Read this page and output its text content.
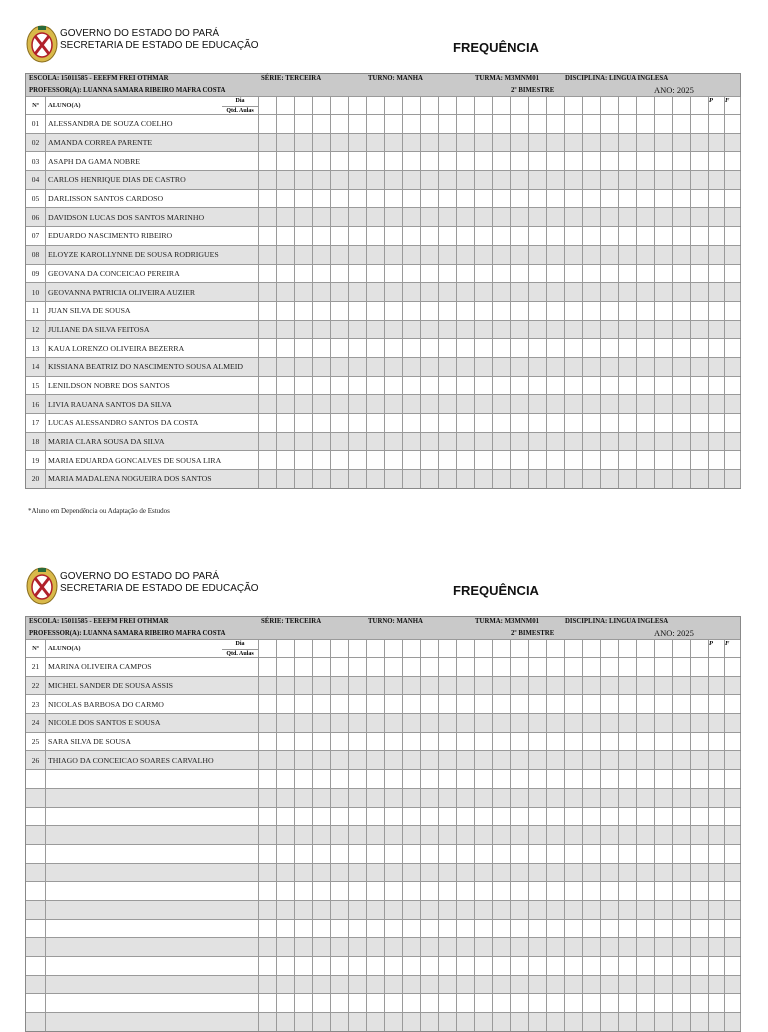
GOVERNO DO ESTADO DO PARÁ
SECRETARIA DE ESTADO DE EDUCAÇÃO	FREQUÊNCIA
ESCOLA: 15011585 - EEEFM FREI OTHMAR	SÉRIE: TERCEIRA	TURNO: MANHA	TURMA: M3MNM01	DISCIPLINA: LINGUA INGLESA
PROFESSOR(A): LUANNA SAMARA RIBEIRO MAFRA COSTA	2º BIMESTRE	ANO: 2025
Nº	ALUNO(A)
Dia
Qtd. Aulas
P	F
01	ALESSANDRA DE SOUZA COELHO
02	AMANDA CORREA PARENTE
03	ASAPH DA GAMA NOBRE
04	CARLOS HENRIQUE DIAS DE CASTRO
05	DARLISSON SANTOS CARDOSO
06	DAVIDSON LUCAS DOS SANTOS MARINHO
07	EDUARDO NASCIMENTO RIBEIRO
08	ELOYZE KAROLLYNNE DE SOUSA RODRIGUES
09	GEOVANA DA CONCEICAO PEREIRA
10	GEOVANNA PATRICIA OLIVEIRA AUZIER
11	JUAN SILVA DE SOUSA
12	JULIANE DA SILVA FEITOSA
13	KAUA LORENZO OLIVEIRA BEZERRA
14	KISSIANA BEATRIZ DO NASCIMENTO SOUSA ALMEID
15	LENILDSON NOBRE DOS SANTOS
16	LIVIA RAUANA SANTOS DA SILVA
17	LUCAS ALESSANDRO SANTOS DA COSTA
18	MARIA CLARA SOUSA DA SILVA
19	MARIA EDUARDA GONCALVES DE SOUSA LIRA
20	MARIA MADALENA NOGUEIRA DOS SANTOS
*Aluno em Dependência ou Adaptação de Estudos
GOVERNO DO ESTADO DO PARÁ
SECRETARIA DE ESTADO DE EDUCAÇÃO	FREQUÊNCIA
ESCOLA: 15011585 - EEEFM FREI OTHMAR	SÉRIE: TERCEIRA	TURNO: MANHA	TURMA: M3MNM01	DISCIPLINA: LINGUA INGLESA
PROFESSOR(A): LUANNA SAMARA RIBEIRO MAFRA COSTA	2º BIMESTRE	ANO: 2025
Nº	ALUNO(A)
Dia
Qtd. Aulas
P	F
21	MARINA OLIVEIRA CAMPOS
22	MICHEL SANDER DE SOUSA ASSIS
23	NICOLAS BARBOSA DO CARMO
24	NICOLE DOS SANTOS E SOUSA
25	SARA SILVA DE SOUSA
26	THIAGO DA CONCEICAO SOARES CARVALHO
